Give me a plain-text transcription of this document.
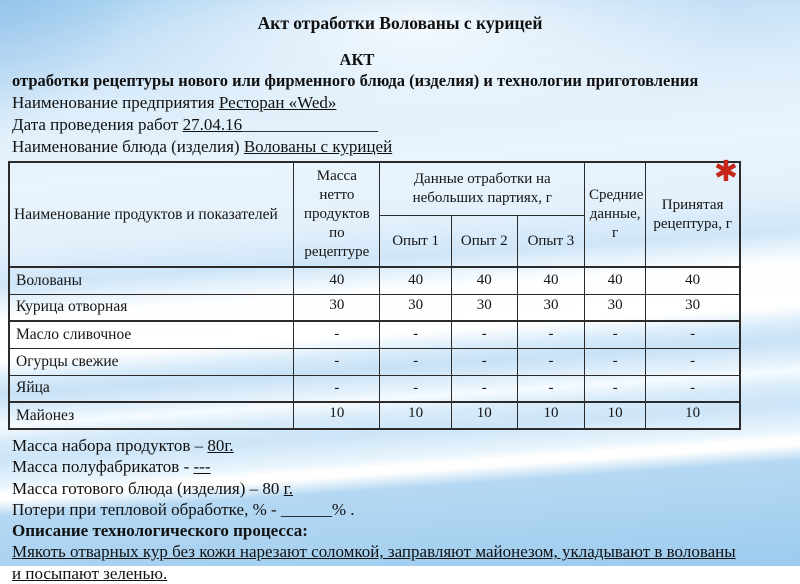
Акт отработки Волованы с курицей
АКТ
отработки рецептуры нового или фирменного блюда (изделия) и технологии приготовления
Наименование предприятия Ресторан «Wed»
Дата проведения работ 27.04.16________________
Наименование блюда (изделия) Волованы с курицей
Наименование продуктов и показателей	Масса нетто продуктов по рецептуре	Данные отработки на небольших партиях, г			Средние данные, г	Принятая рецептура, г
✱

		Опыт 1	Опыт 2	Опыт 3		
Волованы	40	40	40	40	40	40
Курица отворная	30	30	30	30	30	30
Масло сливочное	-	-	-	-	-	-
Огурцы свежие	-	-	-	-	-	-
Яйца	-	-	-	-	-	-
Майонез	10	10	10	10	10	10
Масса набора продуктов – 80г.
Масса полуфабрикатов - ---
Масса готового блюда (изделия) – 80 г.
Потери при тепловой обработке, % - ______% .
Описание технологического процесса:
Мякоть отварных кур без кожи нарезают соломкой, заправляют майонезом, укладывают в волованы
и посыпают зеленью.
